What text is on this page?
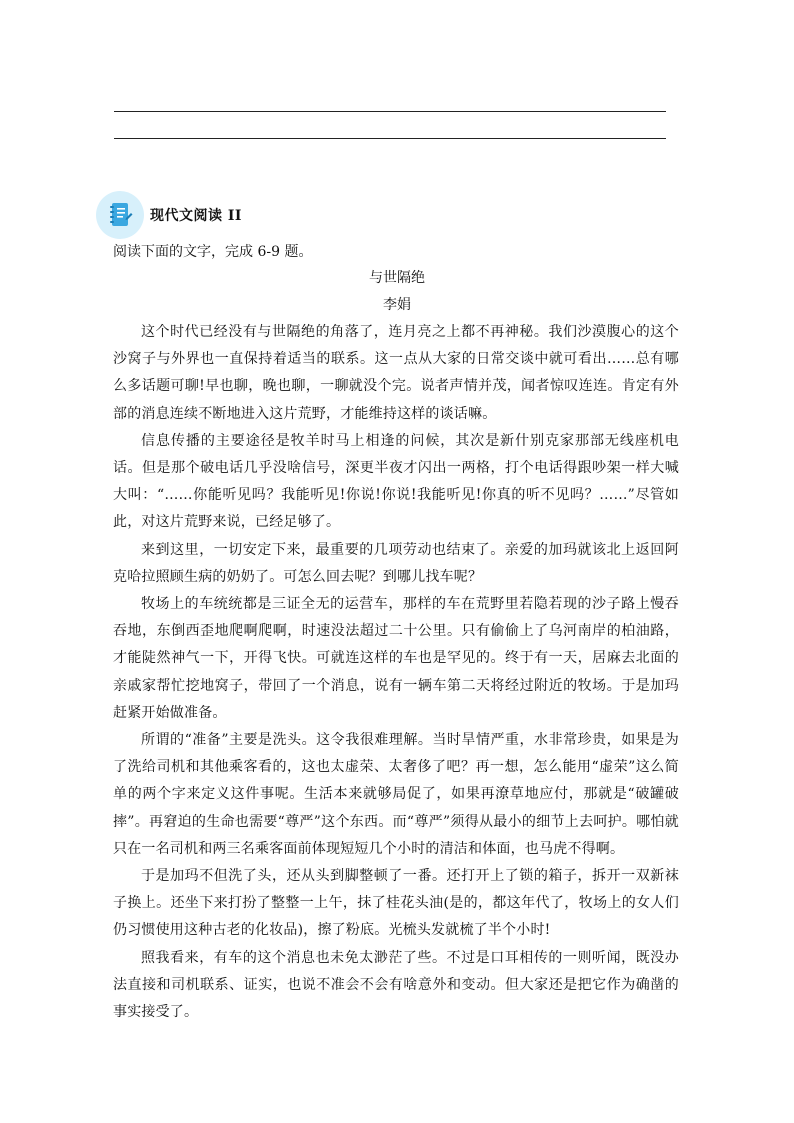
现代文阅读 II
阅读下面的文字，完成 6-9 题。
与世隔绝
李娟

这个时代已经没有与世隔绝的角落了，连月亮之上都不再神秘。我们沙漠腹心的这个沙窝子与外界也一直保持着适当的联系。这一点从大家的日常交谈中就可看出……总有哪么多话题可聊!早也聊，晚也聊，一聊就没个完。说者声情并茂，闻者惊叹连连。肯定有外部的消息连续不断地进入这片荒野，才能维持这样的谈话嘛。

信息传播的主要途径是牧羊时马上相逢的问候，其次是新什别克家那部无线座机电话。但是那个破电话几乎没啥信号，深更半夜才闪出一两格，打个电话得跟吵架一样大喊大叫：“……你能听见吗？我能听见!你说!你说!我能听见!你真的听不见吗？……”尽管如此，对这片荒野来说，已经足够了。

来到这里，一切安定下来，最重要的几项劳动也结束了。亲爱的加玛就该北上返回阿克哈拉照顾生病的奶奶了。可怎么回去呢？到哪儿找车呢？

牧场上的车统统都是三证全无的运营车，那样的车在荒野里若隐若现的沙子路上慢吞吞地，东倒西歪地爬啊爬啊，时速没法超过二十公里。只有偷偷上了乌河南岸的柏油路，才能陡然神气一下，开得飞快。可就连这样的车也是罕见的。终于有一天，居麻去北面的亲戚家帮忙挖地窝子，带回了一个消息，说有一辆车第二天将经过附近的牧场。于是加玛赶紧开始做准备。

所谓的“准备”主要是洗头。这令我很难理解。当时旱情严重，水非常珍贵，如果是为了洗给司机和其他乘客看的，这也太虚荣、太奢侈了吧？再一想，怎么能用“虚荣”这么简单的两个字来定义这件事呢。生活本来就够局促了，如果再潦草地应付，那就是“破罐破摔”。再窘迫的生命也需要“尊严”这个东西。而“尊严”须得从最小的细节上去呵护。哪怕就只在一名司机和两三名乘客面前体现短短几个小时的清洁和体面，也马虎不得啊。

于是加玛不但洗了头，还从头到脚整顿了一番。还打开上了锁的箱子，拆开一双新袜子换上。还坐下来打扮了整整一上午，抹了桂花头油(是的，都这年代了，牧场上的女人们仍习惯使用这种古老的化妆品)，擦了粉底。光梳头发就梳了半个小时!

照我看来，有车的这个消息也未免太渺茫了些。不过是口耳相传的一则听闻，既没办法直接和司机联系、证实，也说不准会不会有啥意外和变动。但大家还是把它作为确凿的事实接受了。
